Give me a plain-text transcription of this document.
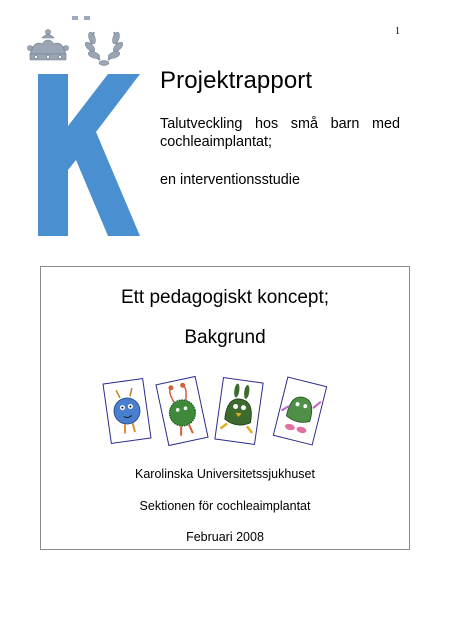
1
Projektrapport
Talutveckling hos små barn med cochleaimplantat;
en interventionsstudie
Ett pedagogiskt koncept;
Bakgrund
Karolinska Universitetssjukhuset
Sektionen för cochleaimplantat
Februari 2008
